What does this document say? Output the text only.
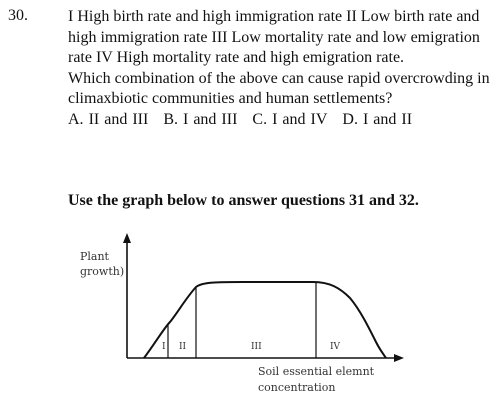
30.	I High birth rate and high immigration rate II Low birth rate and high immigration rate III Low mortality rate and low emigration rate IV High mortality rate and high emigration rate.

Which combination of the above can cause rapid overcrowding in climaxbiotic communities and human settlements?

A. II and III B. I and III C. I and IV D. I and II

Use the graph below to answer questions 31 and 32.
Plant
growth)
I II	III	IV
Soil essential elemnt
concentration
